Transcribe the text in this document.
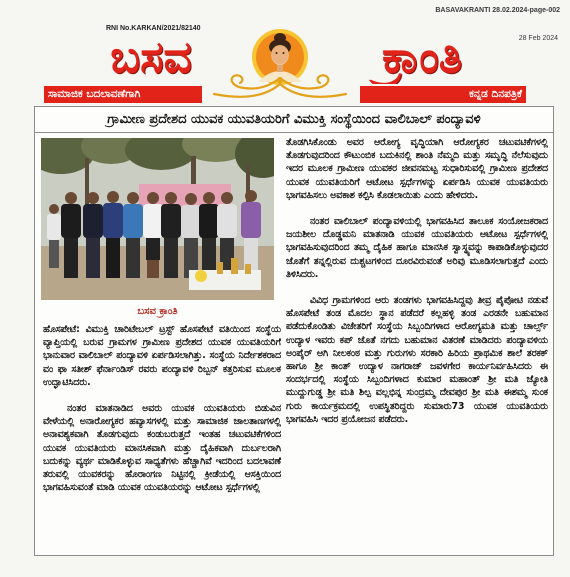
RNI No.KARKAN/2021/82140
BASAVAKRANTI 28.02.2024-page-002
28 Feb 2024
ಬಸವ	ಕ್ರಾಂತಿ
ಸಾಮಾಜಿಕ ಬದಲಾವಣೆಗಾಗಿ	ಕನ್ನಡ ದಿನಪತ್ರಿಕೆ
ಗ್ರಾಮೀಣ ಪ್ರದೇಶದ ಯುವಕ ಯುವತಿಯರಿಗೆ ವಿಮುಕ್ತಿ ಸಂಸ್ಥೆಯಿಂದ ವಾಲಿಬಾಲ್ ಪಂದ್ಯಾವಳಿ
ಬಸವ ಕ್ರಾಂತಿ

ಹೊಸಪೇಟೆ: ವಿಮುಕ್ತಿ ಚಾರಿಟೇಬಲ್ ಟ್ರಸ್ಟ್ ಹೊಸಪೇಟೆ ವತಿಯಿಂದ ಸಂಸ್ಥೆಯ ವ್ಯಾಪ್ತಿಯಲ್ಲಿ ಬರುವ ಗ್ರಾಮಗಳ ಗ್ರಾಮೀಣ ಪ್ರದೇಶದ ಯುವಕ ಯುವತಿಯರಿಗೆ ಭಾನುವಾರ ವಾಲಿಬಾಲ್ ಪಂದ್ಯಾವಳಿ ಏರ್ಪಡಿಸಲಾಗಿತ್ತು. ಸಂಸ್ಥೆಯ ನಿರ್ದೇಶಕರಾದ ವಂ ಫಾ ಸತೀಶ್ ಫೆರ್ನಾಂಡಿಸ್ ರವರು ಪಂದ್ಯಾವಳಿ ರಿಬ್ಬನ್ ಕತ್ತರಿಸುವ ಮೂಲಕ ಉದ್ಘಾಟಿಸಿದರು.

ನಂತರ ಮಾತನಾಡಿದ ಅವರು ಯುವಕ ಯುವತಿಯರು ಬಿಡುವಿನ ವೇಳೆಯಲ್ಲಿ ಅನಾರೋಗ್ಯಕರ ಹವ್ಯಾಸಗಳಲ್ಲಿ ಮತ್ತು ಸಾಮಾಜಿಕ ಜಾಲತಾಣಗಳಲ್ಲಿ ಅನಾವಶ್ಯಕವಾಗಿ ತೊಡಗುವುದು ಕಂಡುಬರುತ್ತದೆ ಇಂತಹ ಚಟುವಟಿಕೆಗಳಿಂದ ಯುವಕ ಯುವತಿಯರು ಮಾನಸಿಕವಾಗಿ ಮತ್ತು ದೈಹಿಕವಾಗಿ ದುರ್ಬಲರಾಗಿ ಬದುಕನ್ನು ವ್ಯರ್ಥ ಮಾಡಿಕೊಳ್ಳುವ ಸಾಧ್ಯತೆಗಳು ಹೆಚ್ಚಾಗಿವೆ ಇದರಿಂದ ಬದಲಾವಣೆ ತರುವಲ್ಲಿ ಯುವಕರನ್ನು ಹೊರಾಂಗಣ ನಿಟ್ಟಿನಲ್ಲಿ ಕ್ರೀಡೆಯಲ್ಲಿ ಆಸಕ್ತಿಯಿಂದ ಭಾಗವಹಿಸುವಂತೆ ಮಾಡಿ ಯುವಕ ಯುವತಿಯರನ್ನು ಆಟೋಟ ಸ್ಪರ್ಧೆಗಳಲ್ಲಿ

ತೊಡಗಿಸಿಕೊಂಡು ಅವರ ಆರೋಗ್ಯ ವೃದ್ಧಿಯಾಗಿ ಆರೋಗ್ಯಕರ ಚಟುವಟಿಕೆಗಳಲ್ಲಿ ತೊಡಗುವುದರಿಂದ ಕೌಟುಂಬಿಕ ಬದುಕಿನಲ್ಲಿ ಶಾಂತಿ ನೆಮ್ಮದಿ ಮತ್ತು ಸಮೃದ್ಧಿ ನೆಲೆಸುವುದು ಇದರ ಮೂಲಕ ಗ್ರಾಮೀಣ ಯುವಕರ ಜೀವನಮಟ್ಟ ಸುಧಾರಿಸುವಲ್ಲಿ ಗ್ರಾಮೀಣ ಪ್ರದೇಶದ ಯುವಕ ಯುವತಿಯರಿಗೆ ಆಟೋಟ ಸ್ಪರ್ಧೆಗಳನ್ನು ಏರ್ಪಡಿಸಿ ಯುವಕ ಯುವತಿಯರು ಭಾಗವಹಿಸಲು ಅವಕಾಶ ಕಲ್ಪಿಸಿ ಕೊಡಲಾಯಿತು ಎಂದು ಹೇಳಿದರು.

ನಂತರ ವಾಲಿಬಾಲ್ ಪಂದ್ಯಾವಳಿಯಲ್ಲಿ ಭಾಗವಹಿಸಿದ ತಾಲೂಕ ಸಂಯೋಜಕರಾದ ಜಯಶೀಲ ದೊಡ್ಡಮನಿ ಮಾತನಾಡಿ ಯುವಕ ಯುವತಿಯರು ಆಟೋಟ ಸ್ಪರ್ಧೆಗಳಲ್ಲಿ ಭಾಗವಹಿಸುವುದರಿಂದ ತಮ್ಮ ದೈಹಿಕ ಹಾಗೂ ಮಾನಸಿಕ ಸ್ವಾಸ್ಥ್ಯವನ್ನು ಕಾಪಾಡಿಕೊಳ್ಳುವುದರ ಜೊತೆಗೆ ತನ್ನಲ್ಲಿರುವ ದುಶ್ಚಟಗಳಿಂದ ದೂರವಿರುವಂತೆ ಅರಿವು ಮೂಡಿಸಲಾಗುತ್ತದೆ ಎಂದು ತಿಳಿಸಿದರು.

ವಿವಿಧ ಗ್ರಾಮಗಳಿಂದ ಆರು ತಂಡಗಳು ಭಾಗವಹಿಸಿದ್ದವು ತೀವ್ರ ಪೈಪೋಟಿ ನಡುವೆ ಹೊಸಪೇಟೆ ತಂಡ ಮೊದಲ ಸ್ಥಾನ ಪಡೆದರೆ ಕಲ್ಲಹಳ್ಳಿ ತಂಡ ಎರಡನೇ ಬಹುಮಾನ ಪಡೆದುಕೊಂಡಿತು ವಿಜೇತರಿಗೆ ಸಂಸ್ಥೆಯ ಸಿಬ್ಬಂದಿಗಳಾದ ಆರೋಗ್ಯಮತಿ ಮತ್ತು ಚಾರ್ಲ್ಸ್ ಉದ್ಯಾಳ ಇವರು ಕಪ್ ಜೊತೆ ನಗದು ಬಹುಮಾನ ವಿತರಣೆ ಮಾಡಿದರು ಪಂದ್ಯಾವಳಿಯ ಅಂಪೈರ್ ಆಗಿ ನೀಲಕಂಠ ಮತ್ತು ಗುರುಗಳು ಸರಕಾರಿ ಹಿರಿಯ ಪ್ರಾಥಮಿಕ ಶಾಲೆ ತರಕಕ್ ಹಾಗೂ ಶ್ರೀ ಕಾಂತ್ ಉದ್ಯಾಳ ನಾಗರಾಜ್ ಜವಳಗೇರ ಕಾರ್ಯನಿರ್ವಹಿಸಿದರು ಈ ಸಂದರ್ಭದಲ್ಲಿ ಸಂಸ್ಥೆಯ ಸಿಬ್ಬಂದಿಗಳಾದ ಕುಮಾರ ಮಹಾಂತ್ ಶ್ರೀ ಮತಿ ಜ್ಯೋತಿ ಮುದ್ದುಗುಡ್ಡ ಶ್ರೀ ಮತಿ ಶಿಲ್ಪ ವಲ್ಲಭಿನ್ನ ಸುಂದ್ರಮ್ಮ ದೇವಪುರ ಶ್ರೀ ಮತಿ ಈಶಮ್ಮ ಸುಂಕ ಗುರು ಕಾರ್ಯಕ್ರಮದಲ್ಲಿ ಉಪಸ್ಥಿತರಿದ್ದರು ಸುಮಾರು73 ಯುವಕ ಯುವತಿಯರು ಭಾಗವಹಿಸಿ ಇದರ ಪ್ರಯೋಜನ ಪಡೆದರು.
